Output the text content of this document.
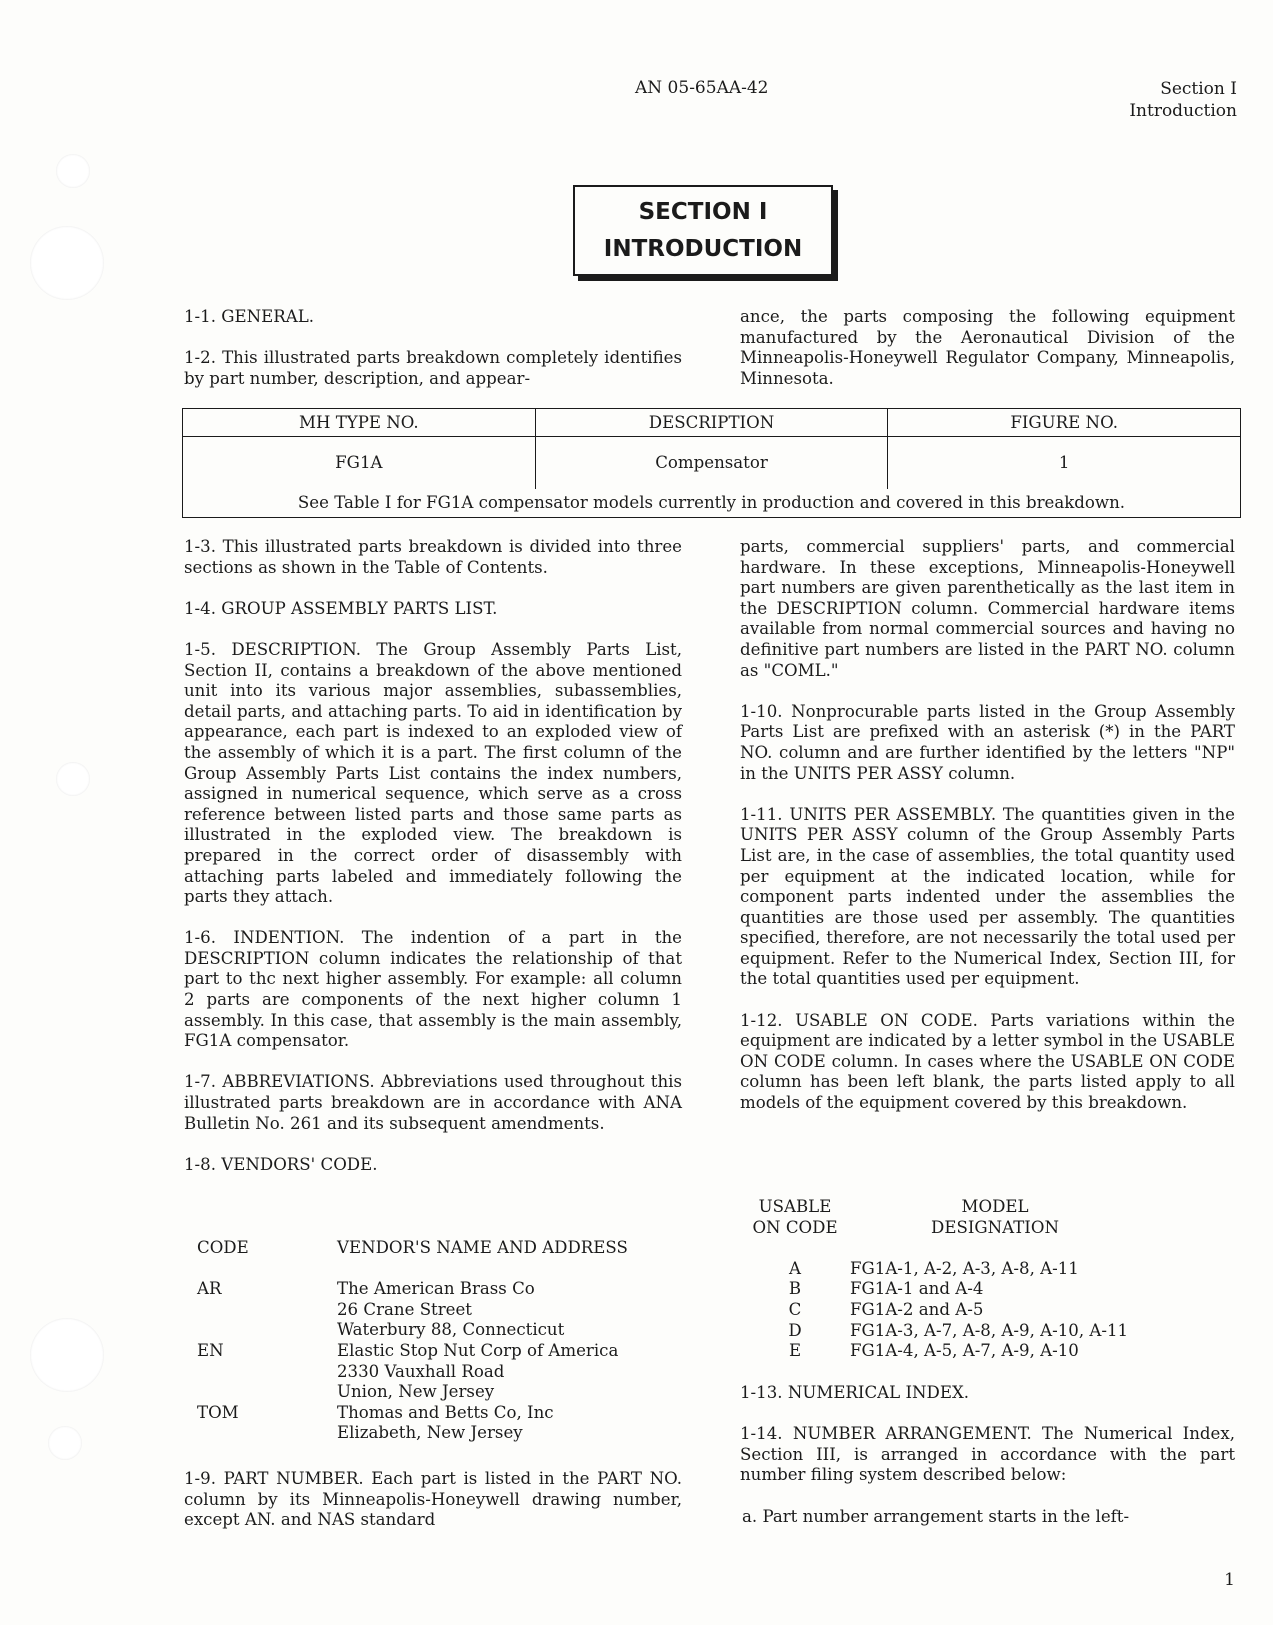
AN 05-65AA-42	Section I
Introduction
SECTION I
INTRODUCTION

1-1. GENERAL.

1-2. This illustrated parts breakdown completely identifies by part number, description, and appear-

ance, the parts composing the following equipment manufactured by the Aeronautical Division of the Minneapolis-Honeywell Regulator Company, Minneapolis, Minnesota.

MH TYPE NO.	DESCRIPTION	FIGURE NO.
FG1A	Compensator	1
See Table I for FG1A compensator models currently in production and covered in this breakdown.

1-3. This illustrated parts breakdown is divided into three sections as shown in the Table of Contents.

1-4. GROUP ASSEMBLY PARTS LIST.

1-5. DESCRIPTION. The Group Assembly Parts List, Section II, contains a breakdown of the above mentioned unit into its various major assemblies, subassemblies, detail parts, and attaching parts. To aid in identification by appearance, each part is indexed to an exploded view of the assembly of which it is a part. The first column of the Group Assembly Parts List contains the index numbers, assigned in numerical sequence, which serve as a cross reference between listed parts and those same parts as illustrated in the exploded view. The breakdown is prepared in the correct order of disassembly with attaching parts labeled and immediately following the parts they attach.

1-6. INDENTION. The indention of a part in the DESCRIPTION column indicates the relationship of that part to thc next higher assembly. For example: all column 2 parts are components of the next higher column 1 assembly. In this case, that assembly is the main assembly, FG1A compensator.

1-7. ABBREVIATIONS. Abbreviations used throughout this illustrated parts breakdown are in accordance with ANA Bulletin No. 261 and its subsequent amendments.

1-8. VENDORS' CODE.

CODE	VENDOR'S NAME AND ADDRESS
AR	The American Brass Co
26 Crane Street
Waterbury 88, Connecticut
EN	Elastic Stop Nut Corp of America
2330 Vauxhall Road
Union, New Jersey
TOM	Thomas and Betts Co, Inc
Elizabeth, New Jersey

1-9. PART NUMBER. Each part is listed in the PART NO. column by its Minneapolis-Honeywell drawing number, except AN. and NAS standard

parts, commercial suppliers' parts, and commercial hardware. In these exceptions, Minneapolis-Honeywell part numbers are given parenthetically as the last item in the DESCRIPTION column. Commercial hardware items available from normal commercial sources and having no definitive part numbers are listed in the PART NO. column as "COML."

1-10. Nonprocurable parts listed in the Group Assembly Parts List are prefixed with an asterisk (*) in the PART NO. column and are further identified by the letters "NP" in the UNITS PER ASSY column.

1-11. UNITS PER ASSEMBLY. The quantities given in the UNITS PER ASSY column of the Group Assembly Parts List are, in the case of assemblies, the total quantity used per equipment at the indicated location, while for component parts indented under the assemblies the quantities are those used per assembly. The quantities specified, therefore, are not necessarily the total used per equipment. Refer to the Numerical Index, Section III, for the total quantities used per equipment.

1-12. USABLE ON CODE. Parts variations within the equipment are indicated by a letter symbol in the USABLE ON CODE column. In cases where the USABLE ON CODE column has been left blank, the parts listed apply to all models of the equipment covered by this breakdown.

USABLE
ON CODE
MODEL
DESIGNATION
A	FG1A-1, A-2, A-3, A-8, A-11
B	FG1A-1 and A-4
C	FG1A-2 and A-5
D	FG1A-3, A-7, A-8, A-9, A-10, A-11
E	FG1A-4, A-5, A-7, A-9, A-10

1-13. NUMERICAL INDEX.

1-14. NUMBER ARRANGEMENT. The Numerical Index, Section III, is arranged in accordance with the part number filing system described below:

a. Part number arrangement starts in the left-

1
